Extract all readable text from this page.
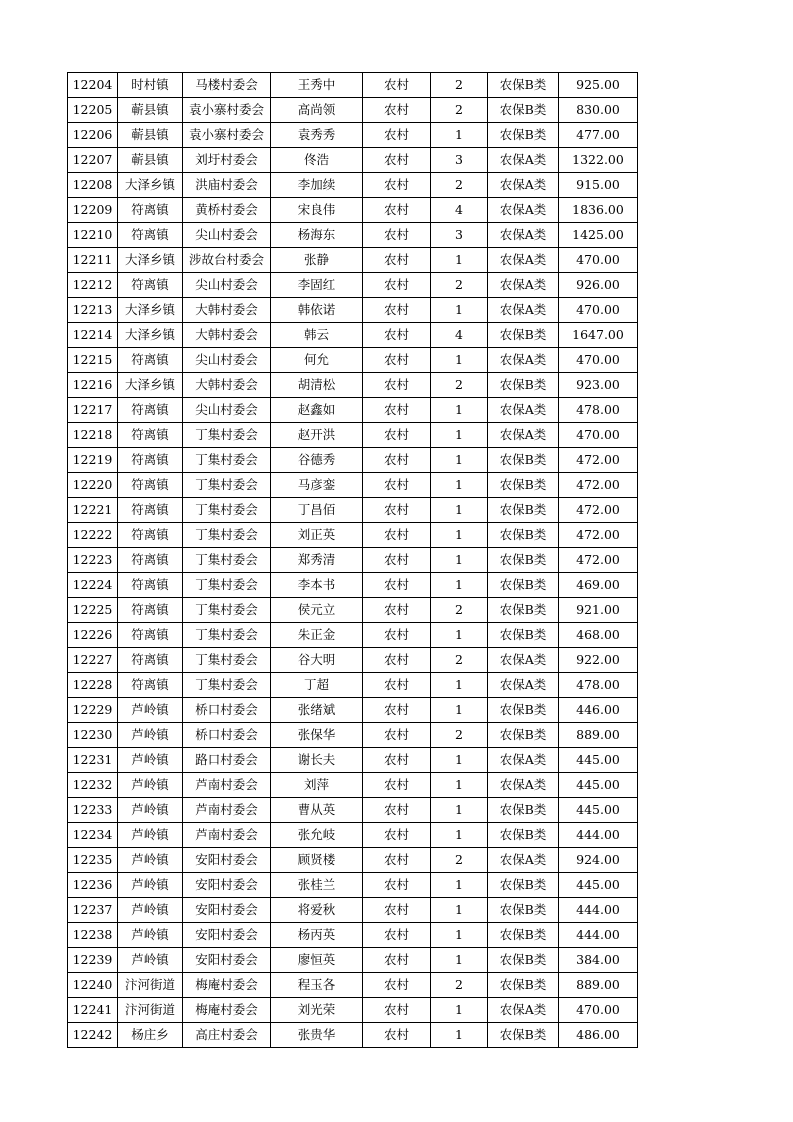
12204	时村镇	马楼村委会	王秀中	农村	2	农保B类	925.00
12205	蕲县镇	袁小寨村委会	高尚领	农村	2	农保B类	830.00
12206	蕲县镇	袁小寨村委会	袁秀秀	农村	1	农保B类	477.00
12207	蕲县镇	刘圩村委会	佟浩	农村	3	农保A类	1322.00
12208	大泽乡镇	洪庙村委会	李加续	农村	2	农保A类	915.00
12209	符离镇	黄桥村委会	宋良伟	农村	4	农保A类	1836.00
12210	符离镇	尖山村委会	杨海东	农村	3	农保A类	1425.00
12211	大泽乡镇	涉故台村委会	张静	农村	1	农保A类	470.00
12212	符离镇	尖山村委会	李固红	农村	2	农保A类	926.00
12213	大泽乡镇	大韩村委会	韩依诺	农村	1	农保A类	470.00
12214	大泽乡镇	大韩村委会	韩云	农村	4	农保B类	1647.00
12215	符离镇	尖山村委会	何允	农村	1	农保A类	470.00
12216	大泽乡镇	大韩村委会	胡清松	农村	2	农保B类	923.00
12217	符离镇	尖山村委会	赵鑫如	农村	1	农保A类	478.00
12218	符离镇	丁集村委会	赵开洪	农村	1	农保A类	470.00
12219	符离镇	丁集村委会	谷德秀	农村	1	农保B类	472.00
12220	符离镇	丁集村委会	马彦銮	农村	1	农保B类	472.00
12221	符离镇	丁集村委会	丁昌佰	农村	1	农保B类	472.00
12222	符离镇	丁集村委会	刘正英	农村	1	农保B类	472.00
12223	符离镇	丁集村委会	郑秀清	农村	1	农保B类	472.00
12224	符离镇	丁集村委会	李本书	农村	1	农保B类	469.00
12225	符离镇	丁集村委会	侯元立	农村	2	农保B类	921.00
12226	符离镇	丁集村委会	朱正金	农村	1	农保B类	468.00
12227	符离镇	丁集村委会	谷大明	农村	2	农保A类	922.00
12228	符离镇	丁集村委会	丁超	农村	1	农保A类	478.00
12229	芦岭镇	桥口村委会	张绪斌	农村	1	农保B类	446.00
12230	芦岭镇	桥口村委会	张保华	农村	2	农保B类	889.00
12231	芦岭镇	路口村委会	谢长夫	农村	1	农保A类	445.00
12232	芦岭镇	芦南村委会	刘萍	农村	1	农保A类	445.00
12233	芦岭镇	芦南村委会	曹从英	农村	1	农保B类	445.00
12234	芦岭镇	芦南村委会	张允岐	农村	1	农保B类	444.00
12235	芦岭镇	安阳村委会	顾贤楼	农村	2	农保A类	924.00
12236	芦岭镇	安阳村委会	张桂兰	农村	1	农保B类	445.00
12237	芦岭镇	安阳村委会	将爱秋	农村	1	农保B类	444.00
12238	芦岭镇	安阳村委会	杨丙英	农村	1	农保B类	444.00
12239	芦岭镇	安阳村委会	廖恒英	农村	1	农保B类	384.00
12240	汴河街道	梅庵村委会	程玉各	农村	2	农保B类	889.00
12241	汴河街道	梅庵村委会	刘光荣	农村	1	农保A类	470.00
12242	杨庄乡	高庄村委会	张贵华	农村	1	农保B类	486.00
